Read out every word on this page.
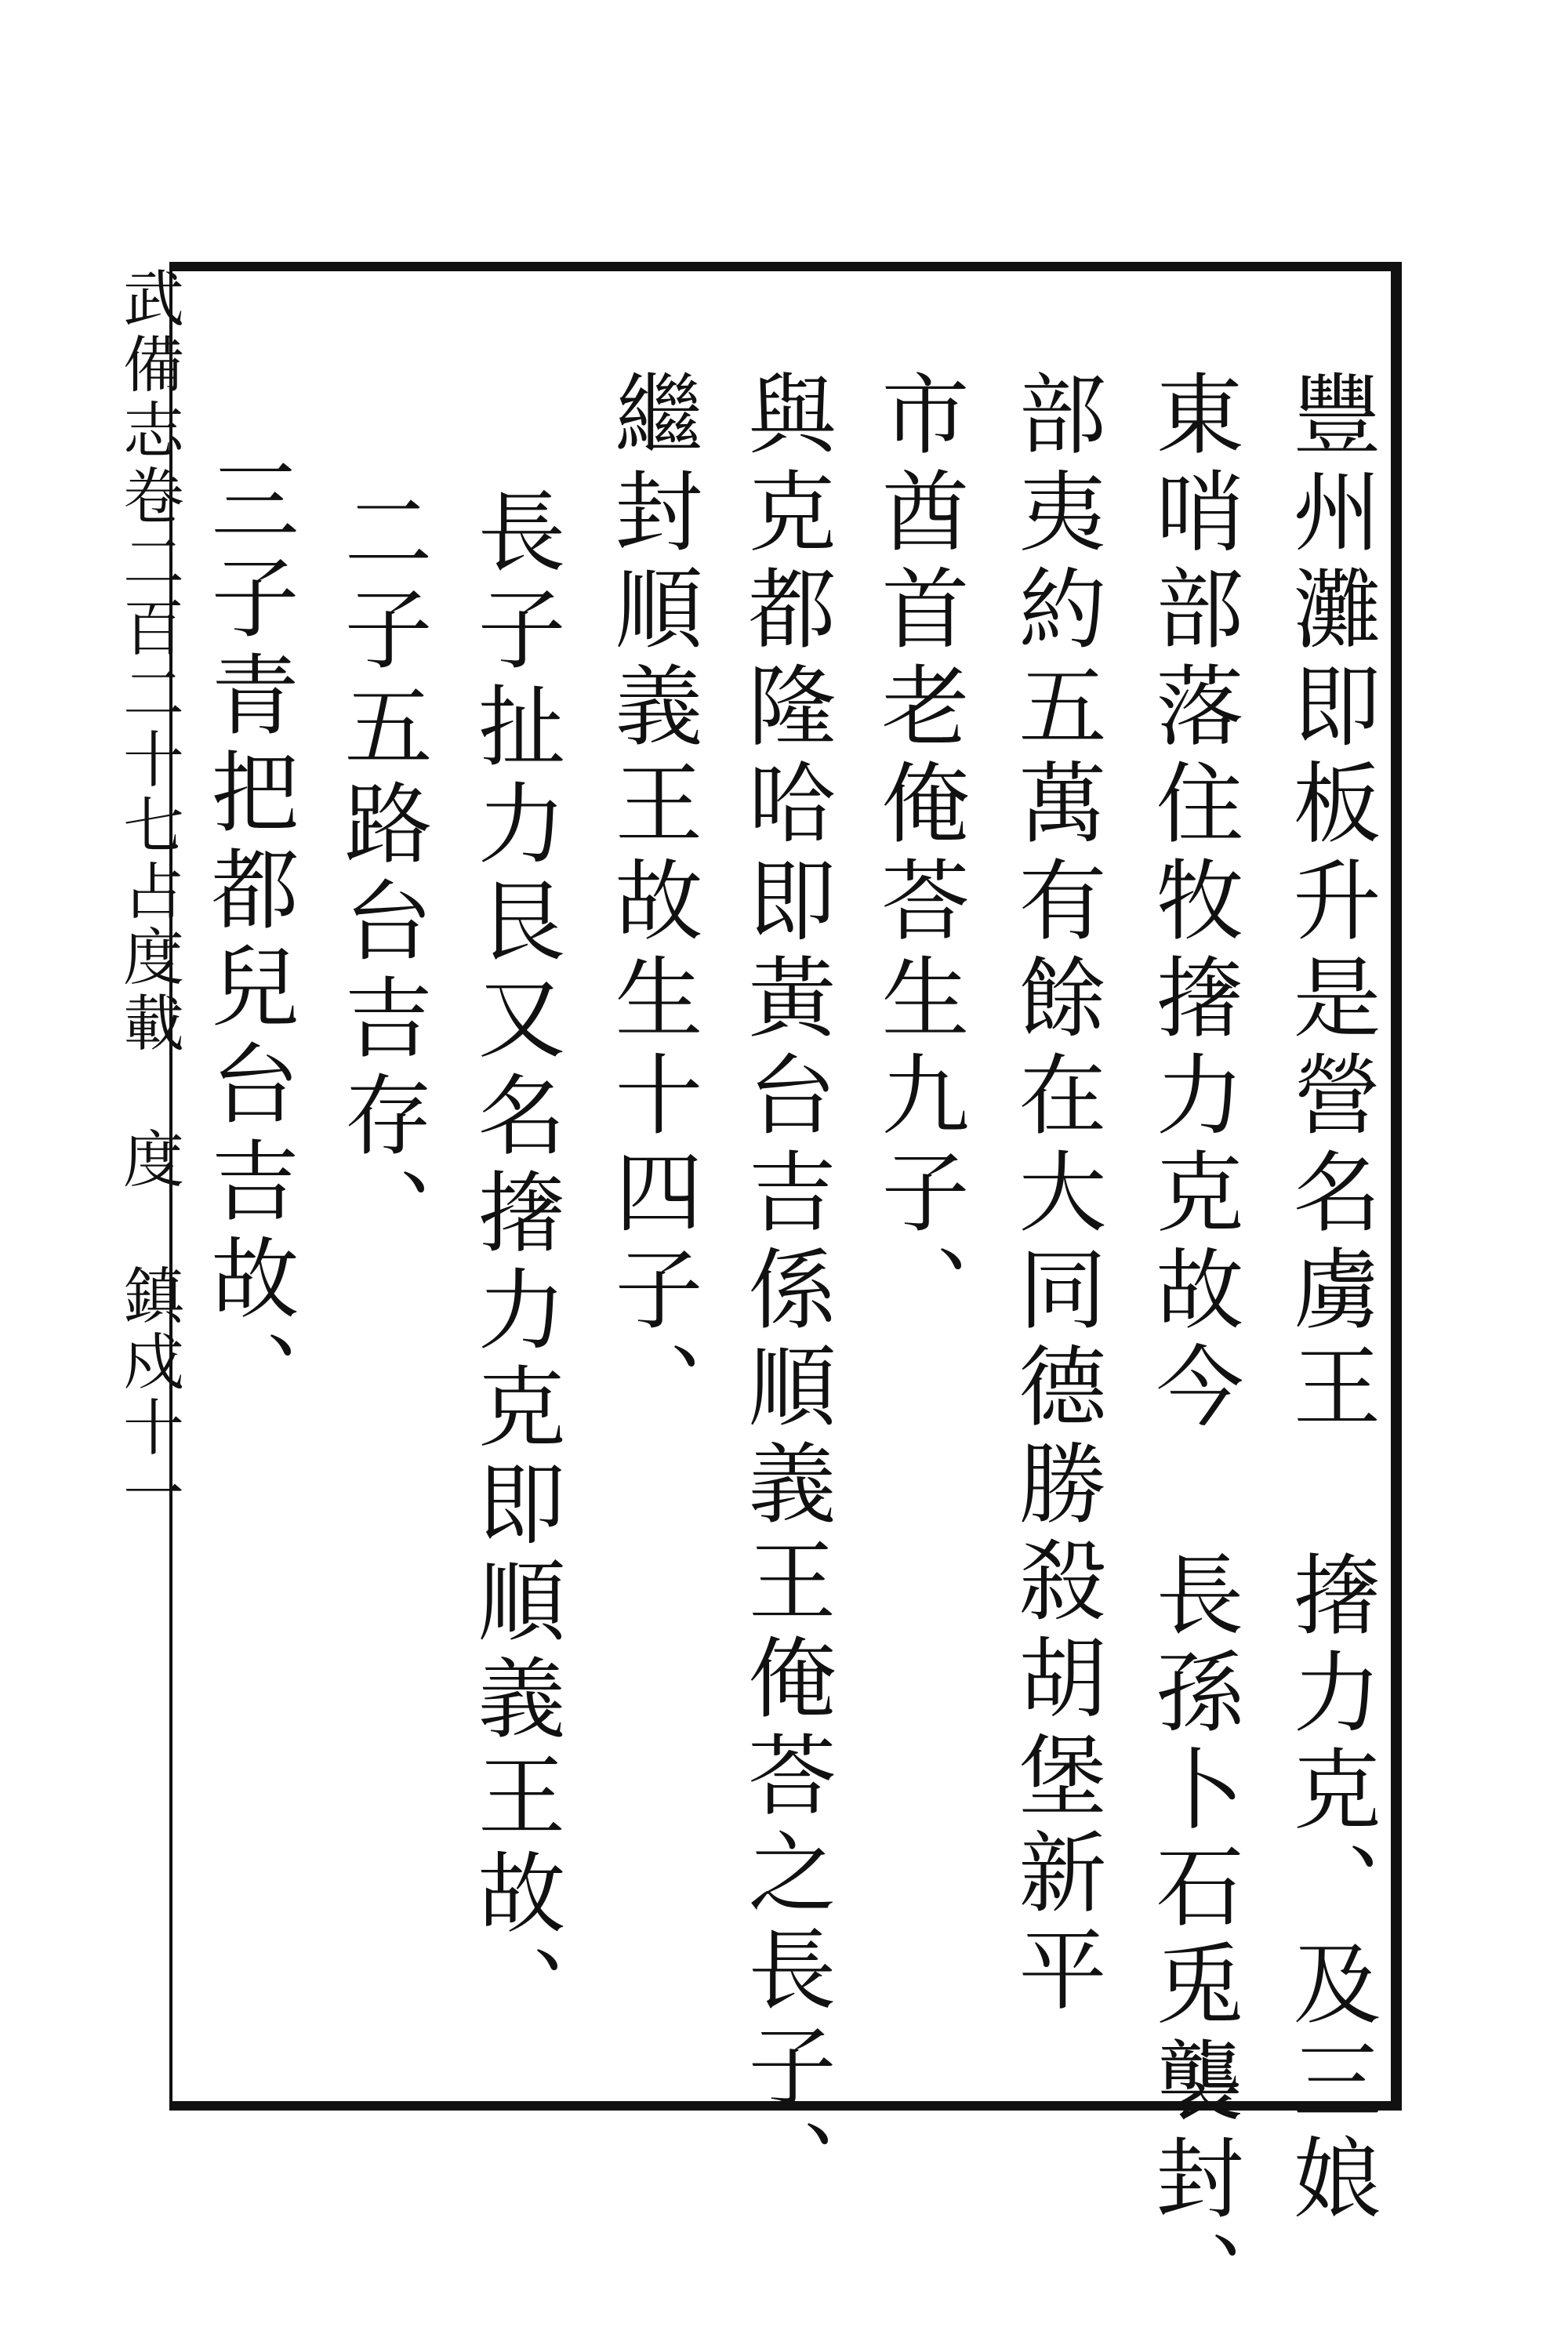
武備志卷二百二十七占度載度鎮戍十一	豐州灘即板升是營名虜王 撦力克、及三娘
東哨部落住牧撦力克故今 長孫卜石兎襲封、
部夷約五萬有餘在大同德勝殺胡堡新平
市酋首老俺荅生九子、
與克都隆哈即黃台吉係順義王俺荅之長子、
繼封順義王故生十四子、
長子扯力艮又名撦力克即順義王故、
二子五路台吉存、
三子青把都兒台吉故、
